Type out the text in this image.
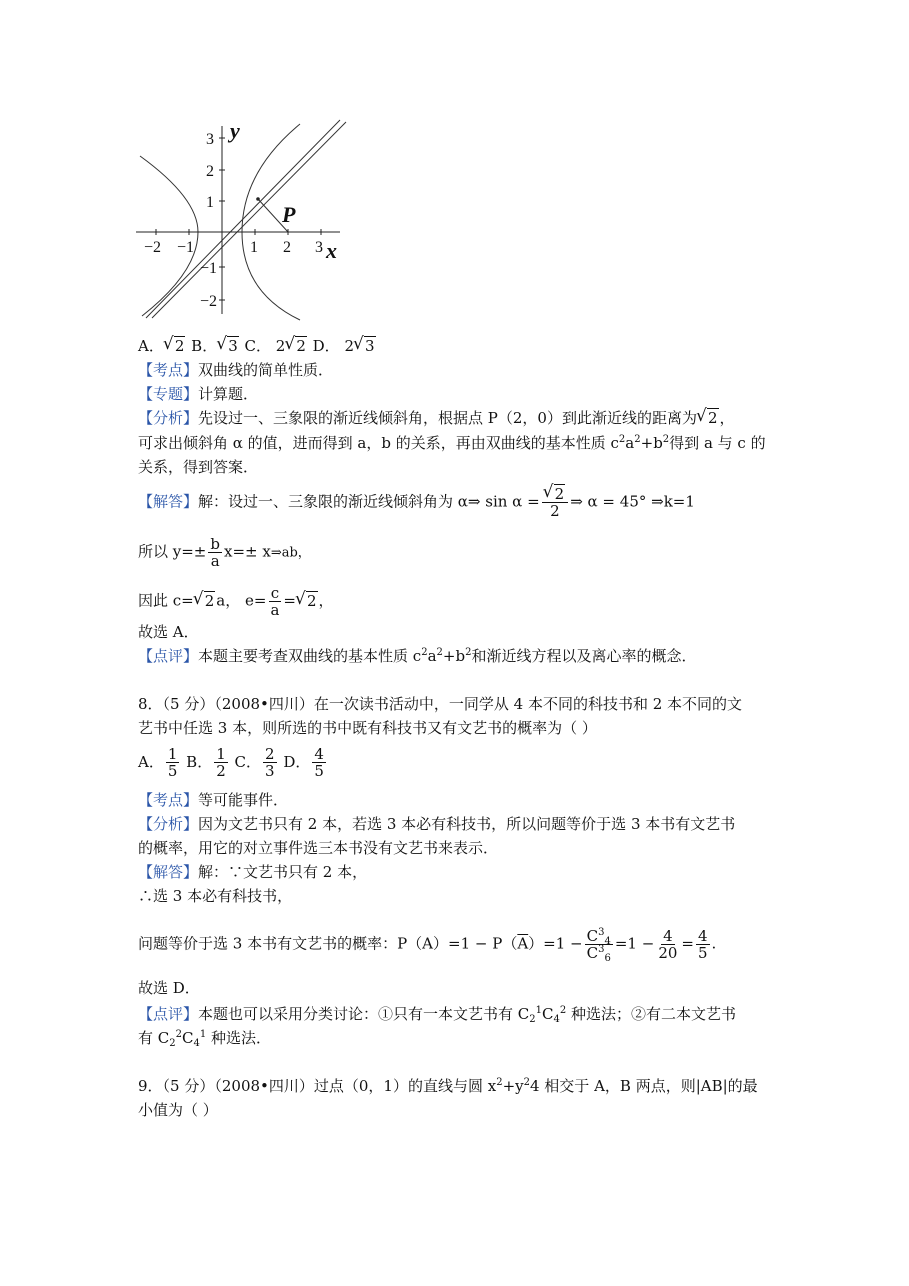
−2 −1	1 2 3
3
2
1
−1
−2
y
x
P
A． √ 2 B． √ 3 C． 2 √ 2 D． 2 √ 3
【考点】双曲线的简单性质．
【专题】计算题．
【分析】先设过一、三象限的渐近线倾斜角，根据点 P（2，0）到此渐近线的距离为 √ 2 ，
可求出倾斜角 α 的值，进而得到 a，b 的关系，再由双曲线的基本性质 $c^2a^2+b^2$得到 a 与 c 的
关系，得到答案．
【解答】解：设过一、三象限的渐近线倾斜角为 α⇒ sin α = √ $\frac{2}{2}$ ⇒ α = 45° ⇒k=1
所以 $y=\pm \frac{b}{a} x=\pm$ x⇒ab，
因此 c= √ 2 a， $e= \frac{c}{a}$ = √ 2 ，
故选 A．
【点评】本题主要考查双曲线的基本性质 $c^2a^2+b^2$和渐近线方程以及离心率的概念．
8．（5 分）（2008•四川）在一次读书活动中，一同学从 4 本不同的科技书和 2 本不同的文
艺书中任选 3 本，则所选的书中既有科技书又有文艺书的概率为（ ）
A． $\frac{1}{5}$ B． $\frac{1}{2}$ C． $\frac{2}{3}$ D． $\frac{4}{5}$
【考点】等可能事件．
【分析】因为文艺书只有 2 本，若选 3 本必有科技书，所以问题等价于选 3 本书有文艺书
的概率，用它的对立事件选三本书没有文艺书来表示．
【解答】解：∵文艺书只有 2 本，
∴选 3 本必有科技书，
问题等价于选 3 本书有文艺书的概率：$P(A)=1 - P(\overline{A})=1 - \frac{C^3_4}{C^3_6} =1 - \frac{4}{20} = \frac{4}{5}$ .
故选 D．
【点评】本题也可以采用分类讨论：①只有一本文艺书有 $C_2^1C_4^2$ 种选法；②有二本文艺书
有 $C_2^2C_4^1$ 种选法．
9．（5 分）（2008•四川）过点（0，1）的直线与圆 $x^2+y^24$ 相交于 A，B 两点，则|AB|的最
小值为（ ）
